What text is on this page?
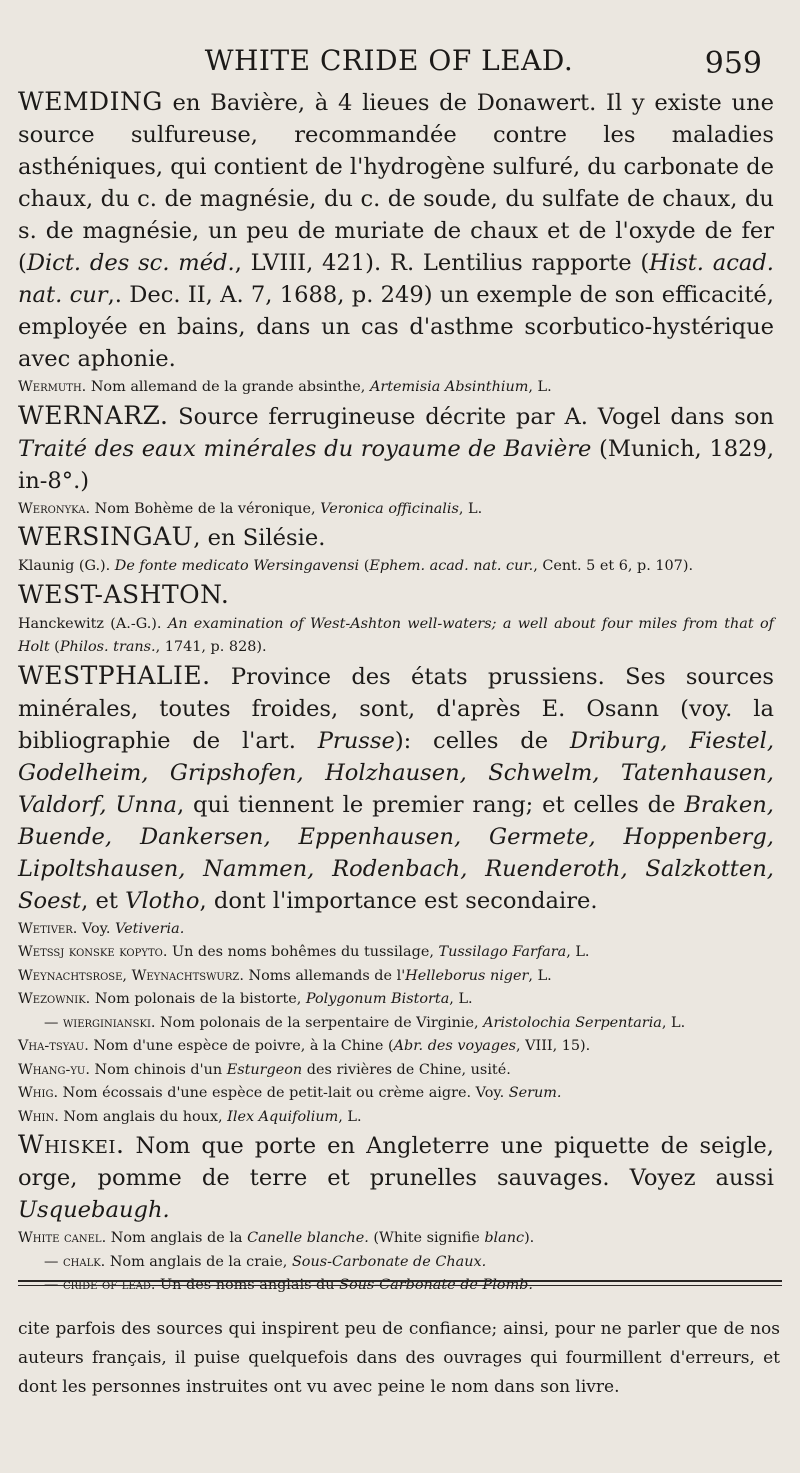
WHITE CRIDE OF LEAD.	959

WEMDING en Bavière, à 4 lieues de Donawert. Il y existe une source sulfureuse, recommandée contre les maladies asthéniques, qui contient de l'hydrogène sulfuré, du carbonate de chaux, du c. de magnésie, du c. de soude, du sulfate de chaux, du s. de magnésie, un peu de muriate de chaux et de l'oxyde de fer (Dict. des sc. méd., LVIII, 421). R. Lentilius rapporte (Hist. acad. nat. cur,. Dec. II, A. 7, 1688, p. 249) un exemple de son efficacité, employée en bains, dans un cas d'asthme scorbutico-hystérique avec aphonie.

Wermuth. Nom allemand de la grande absinthe, Artemisia Absinthium, L.

WERNARZ. Source ferrugineuse décrite par A. Vogel dans son Traité des eaux minérales du royaume de Bavière (Munich, 1829, in-8°.)

Weronyka. Nom Bohème de la véronique, Veronica officinalis, L.

WERSINGAU, en Silésie.

Klaunig (G.). De fonte medicato Wersingavensi (Ephem. acad. nat. cur., Cent. 5 et 6, p. 107).

WEST-ASHTON.

Hanckewitz (A.-G.). An examination of West-Ashton well-waters; a well about four miles from that of Holt (Philos. trans., 1741, p. 828).

WESTPHALIE. Province des états prussiens. Ses sources minérales, toutes froides, sont, d'après E. Osann (voy. la bibliographie de l'art. Prusse): celles de Driburg, Fiestel, Godelheim, Gripshofen, Holzhausen, Schwelm, Tatenhausen, Valdorf, Unna, qui tiennent le premier rang; et celles de Braken, Buende, Dankersen, Eppenhausen, Germete, Hoppenberg, Lipoltshausen, Nammen, Rodenbach, Ruenderoth, Salzkotten, Soest, et Vlotho, dont l'importance est secondaire.

Wetiver. Voy. Vetiveria.

Wetssj konske kopyto. Un des noms bohêmes du tussilage, Tussilago Farfara, L.

Weynachtsrose, Weynachtswurz. Noms allemands de l'Helleborus niger, L.

Wezownik. Nom polonais de la bistorte, Polygonum Bistorta, L.

— wierginianski. Nom polonais de la serpentaire de Virginie, Aristolochia Serpentaria, L.

Vha-tsyau. Nom d'une espèce de poivre, à la Chine (Abr. des voyages, VIII, 15).

Whang-yu. Nom chinois d'un Esturgeon des rivières de Chine, usité.

Whig. Nom écossais d'une espèce de petit-lait ou crème aigre. Voy. Serum.

Whin. Nom anglais du houx, Ilex Aquifolium, L.

Whiskei. Nom que porte en Angleterre une piquette de seigle, orge, pomme de terre et prunelles sauvages. Voyez aussi Usquebaugh.

White canel. Nom anglais de la Canelle blanche. (White signifie blanc).

— chalk. Nom anglais de la craie, Sous-Carbonate de Chaux.

— cride of lead. Un des noms anglais du Sous-Carbonate de Plomb.

cite parfois des sources qui inspirent peu de confiance; ainsi, pour ne parler que de nos auteurs français, il puise quelquefois dans des ouvrages qui fourmillent d'erreurs, et dont les personnes instruites ont vu avec peine le nom dans son livre.
